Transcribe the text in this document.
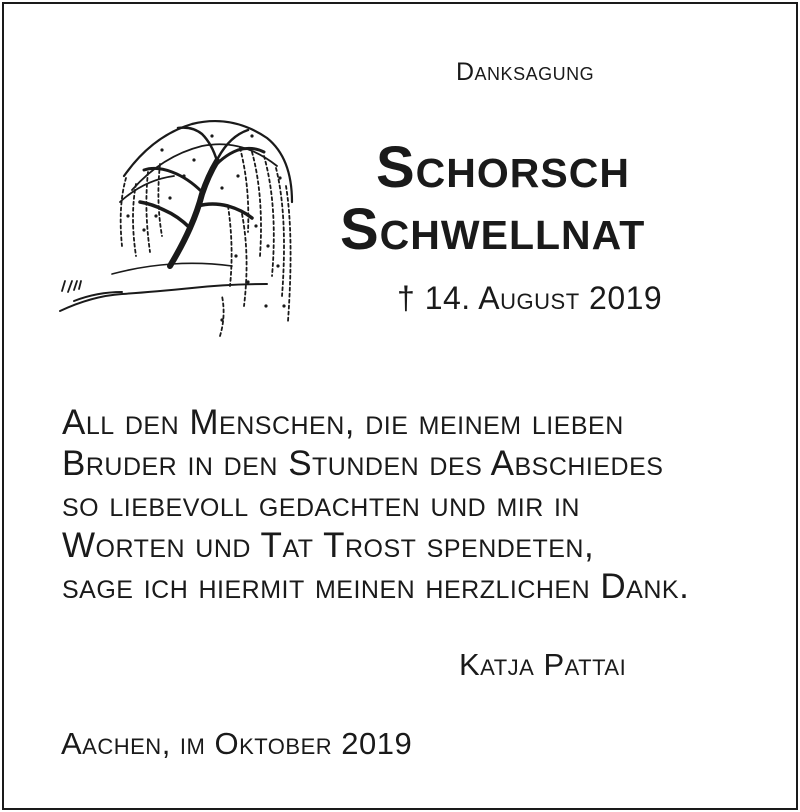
Danksagung

Schorsch

Schwellnat

† 14. August 2019

All den Menschen, die meinem lieben
Bruder in den Stunden des Abschiedes
so liebevoll gedachten und mir in
Worten und Tat Trost spendeten,
sage ich hiermit meinen herzlichen Dank.

Katja Pattai

Aachen, im Oktober 2019
